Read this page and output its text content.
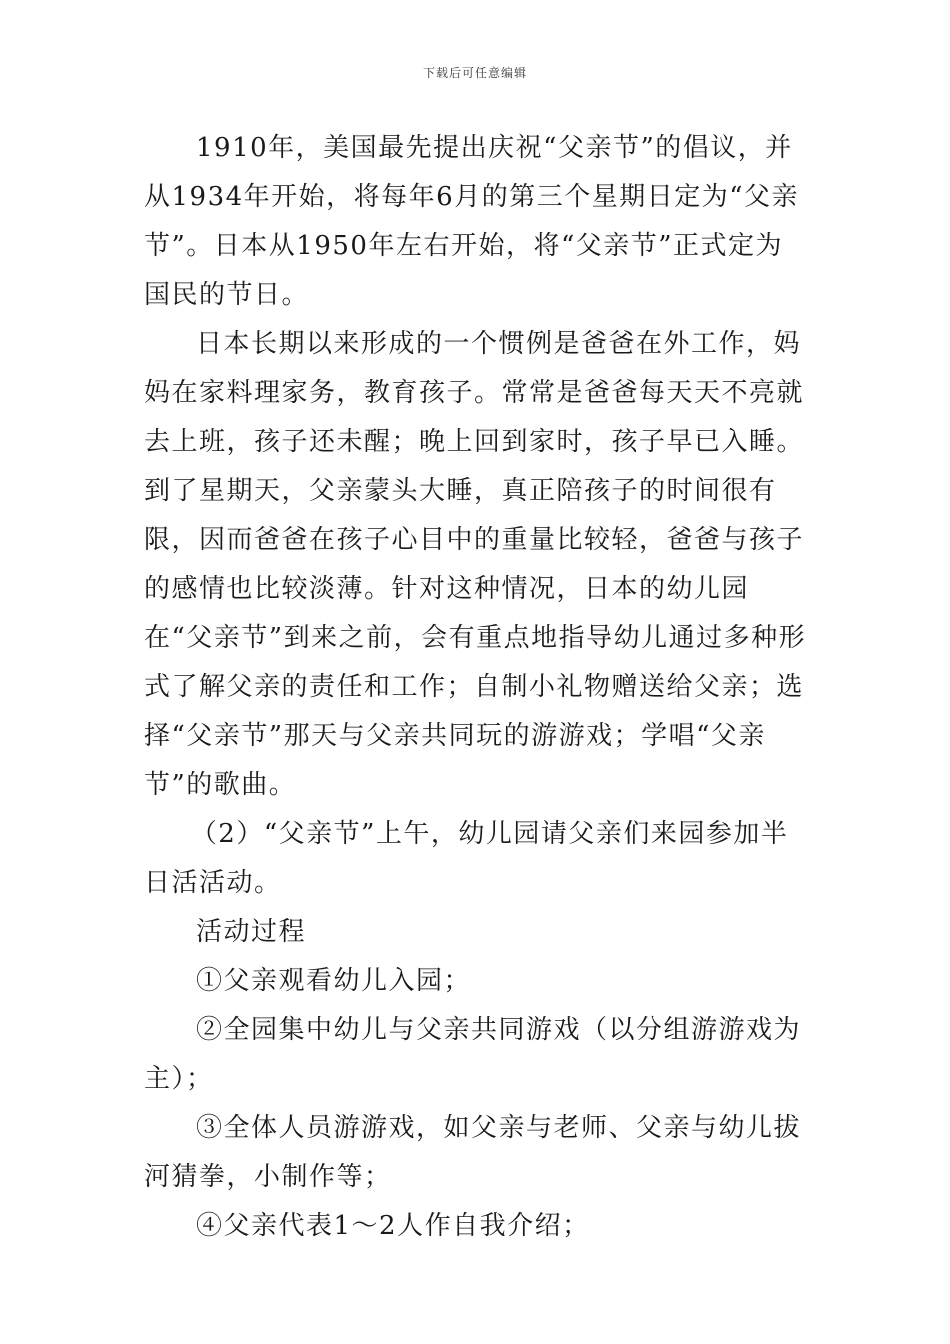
下载后可任意编辑

1910年，美国最先提出庆祝“父亲节”的倡议，并从1934年开始，将每年6月的第三个星期日定为“父亲节”。日本从1950年左右开始，将“父亲节”正式定为国民的节日。

日本长期以来形成的一个惯例是爸爸在外工作，妈妈在家料理家务，教育孩子。常常是爸爸每天天不亮就去上班，孩子还未醒；晚上回到家时，孩子早已入睡。到了星期天，父亲蒙头大睡，真正陪孩子的时间很有限，因而爸爸在孩子心目中的重量比较轻，爸爸与孩子的感情也比较淡薄。针对这种情况，日本的幼儿园在“父亲节”到来之前，会有重点地指导幼儿通过多种形式了解父亲的责任和工作；自制小礼物赠送给父亲；选择“父亲节”那天与父亲共同玩的游游戏；学唱“父亲节”的歌曲。

（2）“父亲节”上午，幼儿园请父亲们来园参加半日活活动。

活动过程

①父亲观看幼儿入园；

②全园集中幼儿与父亲共同游戏（以分组游游戏为主）；

③全体人员游游戏，如父亲与老师、父亲与幼儿拔河猜拳，小制作等；

④父亲代表1～2人作自我介绍；
